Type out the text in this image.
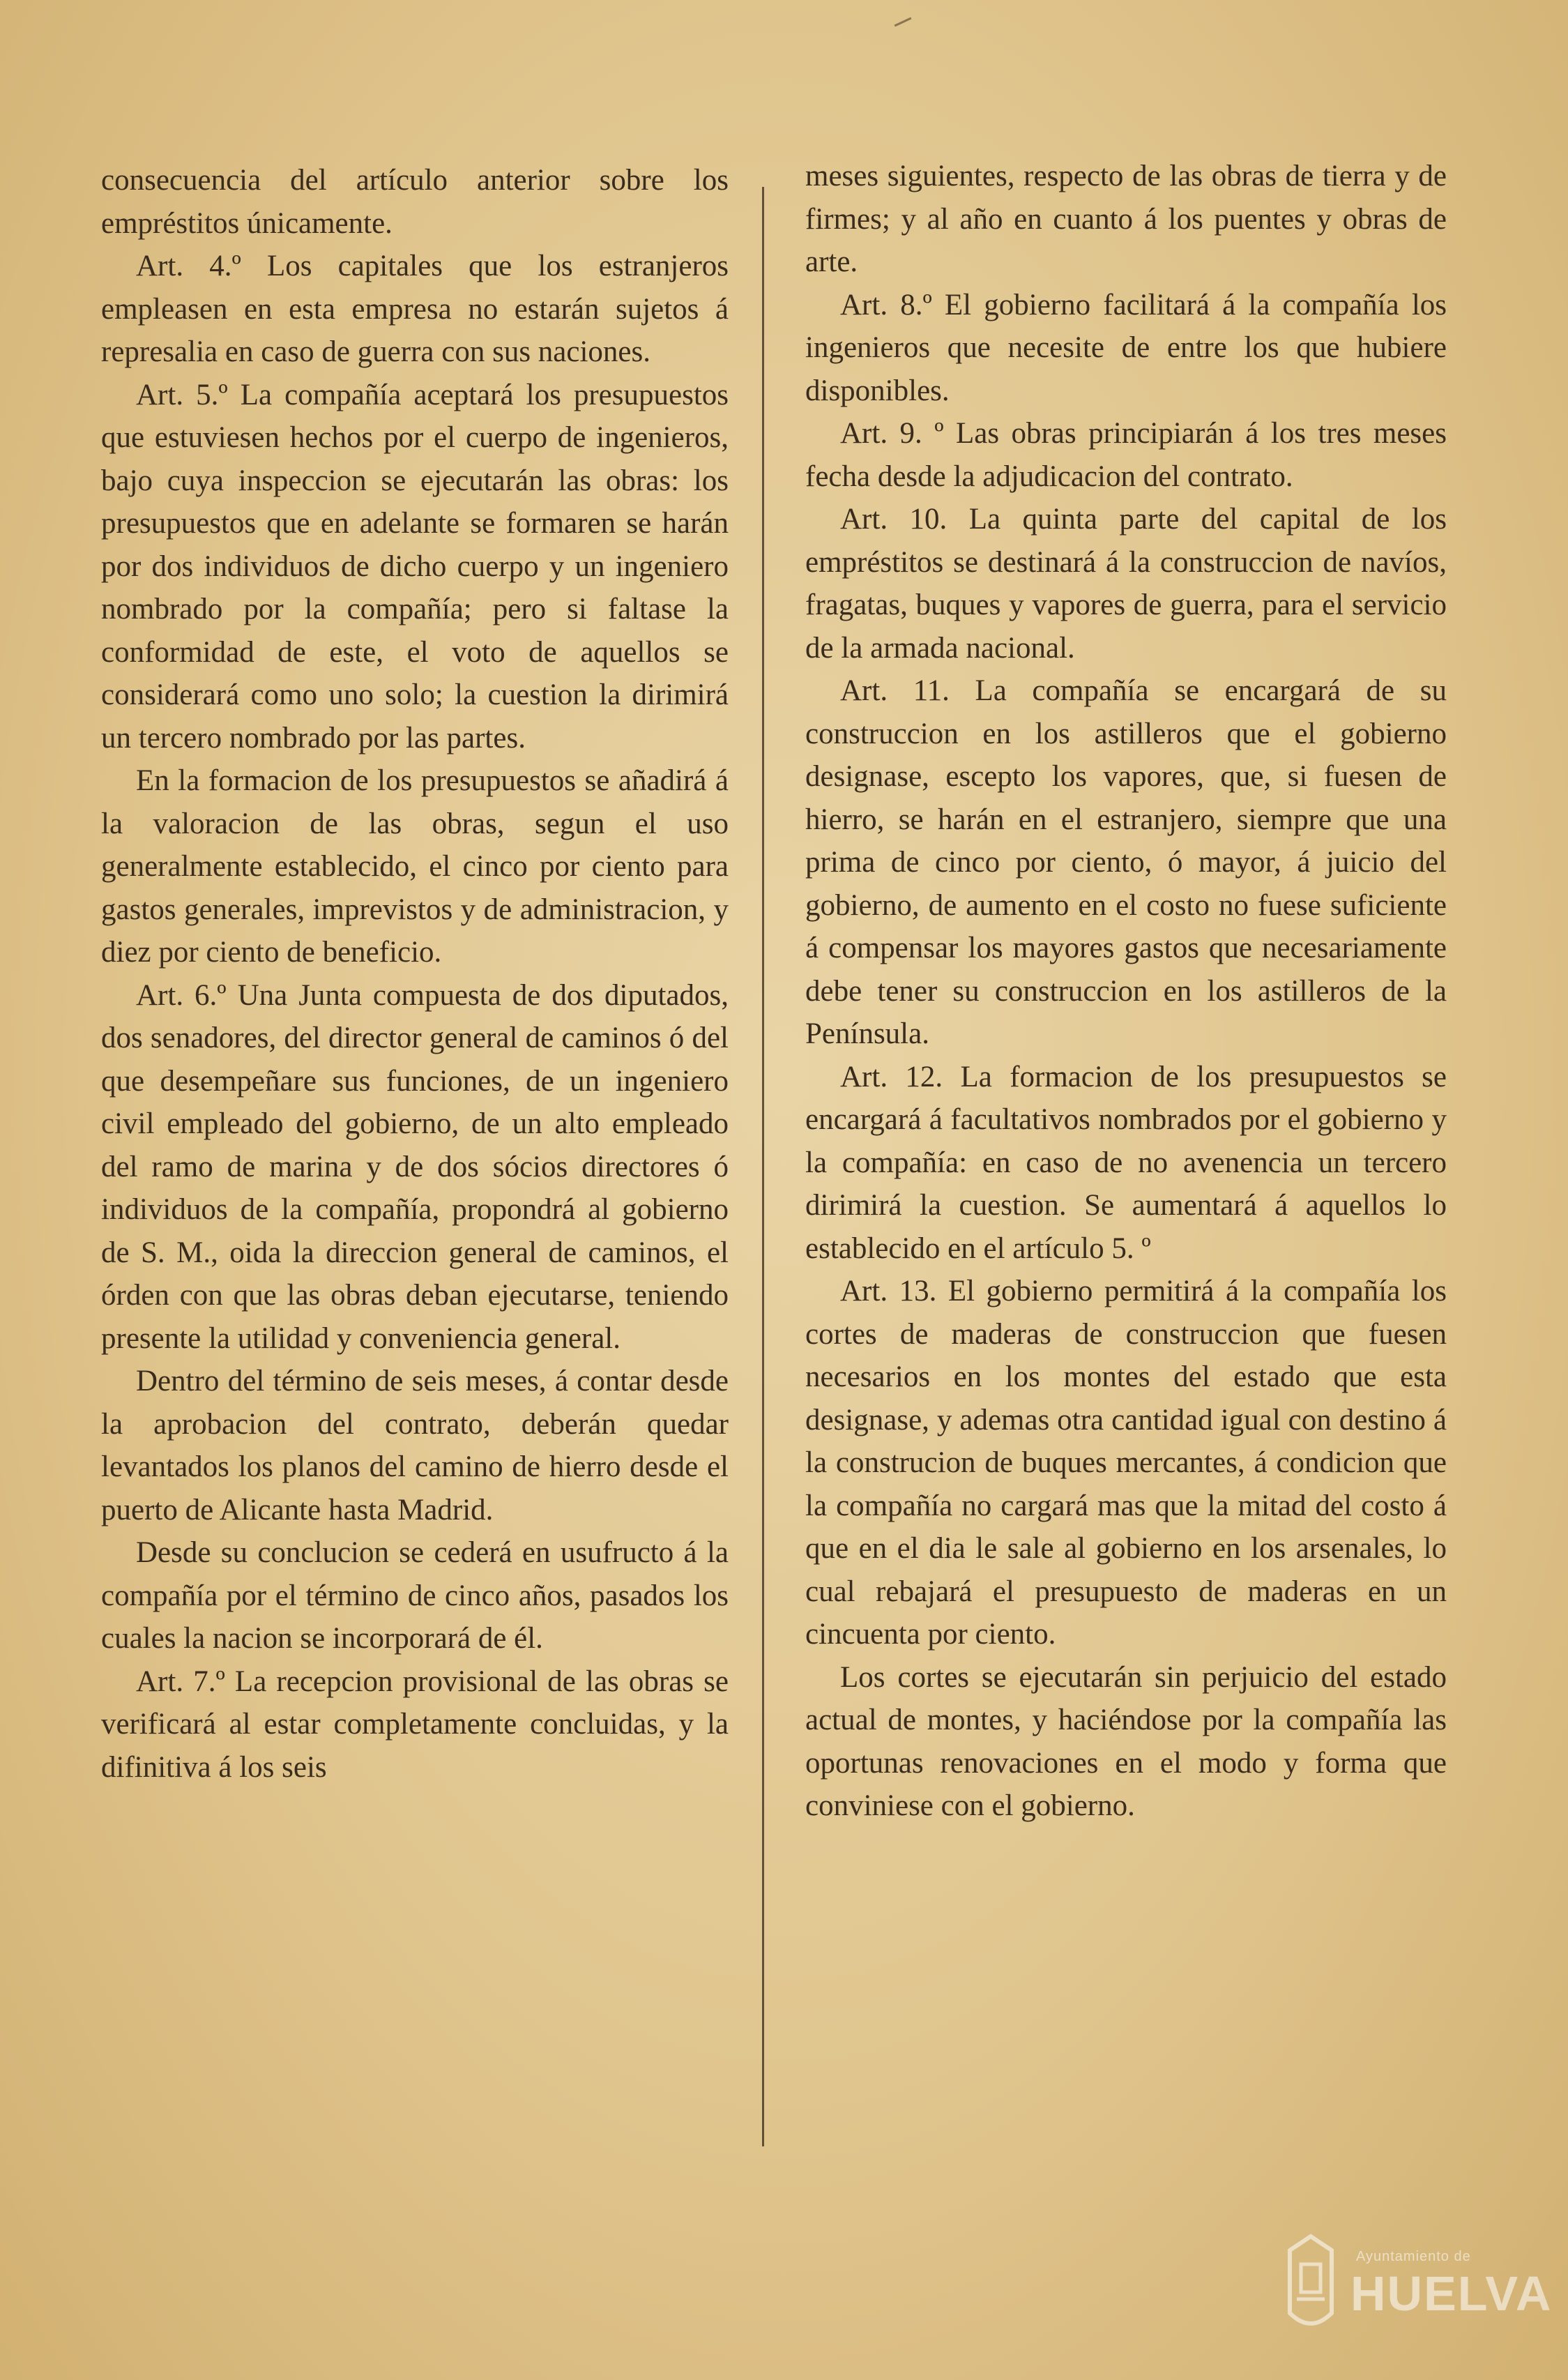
consecuencia del artículo anterior sobre los empréstitos únicamente.

Art. 4.º Los capitales que los estranjeros empleasen en esta empresa no estarán sujetos á represalia en caso de guerra con sus naciones.

Art. 5.º La compañía aceptará los presupuestos que estuviesen hechos por el cuerpo de ingenieros, bajo cuya inspeccion se ejecutarán las obras: los presupuestos que en adelante se formaren se harán por dos individuos de dicho cuerpo y un ingeniero nombrado por la compañía; pero si faltase la conformidad de este, el voto de aquellos se considerará como uno solo; la cuestion la dirimirá un tercero nombrado por las partes.

En la formacion de los presupuestos se añadirá á la valoracion de las obras, segun el uso generalmente establecido, el cinco por ciento para gastos generales, imprevistos y de administracion, y diez por ciento de beneficio.

Art. 6.º Una Junta compuesta de dos diputados, dos senadores, del director general de caminos ó del que desempeñare sus funciones, de un ingeniero civil empleado del gobierno, de un alto empleado del ramo de marina y de dos sócios directores ó individuos de la compañía, propondrá al gobierno de S. M., oida la direccion general de caminos, el órden con que las obras deban ejecutarse, teniendo presente la utilidad y conveniencia general.

Dentro del término de seis meses, á contar desde la aprobacion del contrato, deberán quedar levantados los planos del camino de hierro desde el puerto de Alicante hasta Madrid.

Desde su conclucion se cederá en usufructo á la compañía por el término de cinco años, pasados los cuales la nacion se incorporará de él.

Art. 7.º La recepcion provisional de las obras se verificará al estar completamente concluidas, y la difinitiva á los seis

meses siguientes, respecto de las obras de tierra y de firmes; y al año en cuanto á los puentes y obras de arte.

Art. 8.º El gobierno facilitará á la compañía los ingenieros que necesite de entre los que hubiere disponibles.

Art. 9. º Las obras principiarán á los tres meses fecha desde la adjudicacion del contrato.

Art. 10. La quinta parte del capital de los empréstitos se destinará á la construccion de navíos, fragatas, buques y vapores de guerra, para el servicio de la armada nacional.

Art. 11. La compañía se encargará de su construccion en los astilleros que el gobierno designase, escepto los vapores, que, si fuesen de hierro, se harán en el estranjero, siempre que una prima de cinco por ciento, ó mayor, á juicio del gobierno, de aumento en el costo no fuese suficiente á compensar los mayores gastos que necesariamente debe tener su construccion en los astilleros de la Península.

Art. 12. La formacion de los presupuestos se encargará á facultativos nombrados por el gobierno y la compañía: en caso de no avenencia un tercero dirimirá la cuestion. Se aumentará á aquellos lo establecido en el artículo 5. º

Art. 13. El gobierno permitirá á la compañía los cortes de maderas de construccion que fuesen necesarios en los montes del estado que esta designase, y ademas otra cantidad igual con destino á la construcion de buques mercantes, á condicion que la compañía no cargará mas que la mitad del costo á que en el dia le sale al gobierno en los arsenales, lo cual rebajará el presupuesto de maderas en un cincuenta por ciento.

Los cortes se ejecutarán sin perjuicio del estado actual de montes, y haciéndose por la compañía las oportunas renovaciones en el modo y forma que conviniese con el gobierno.

Ayuntamiento de
HUELVA
